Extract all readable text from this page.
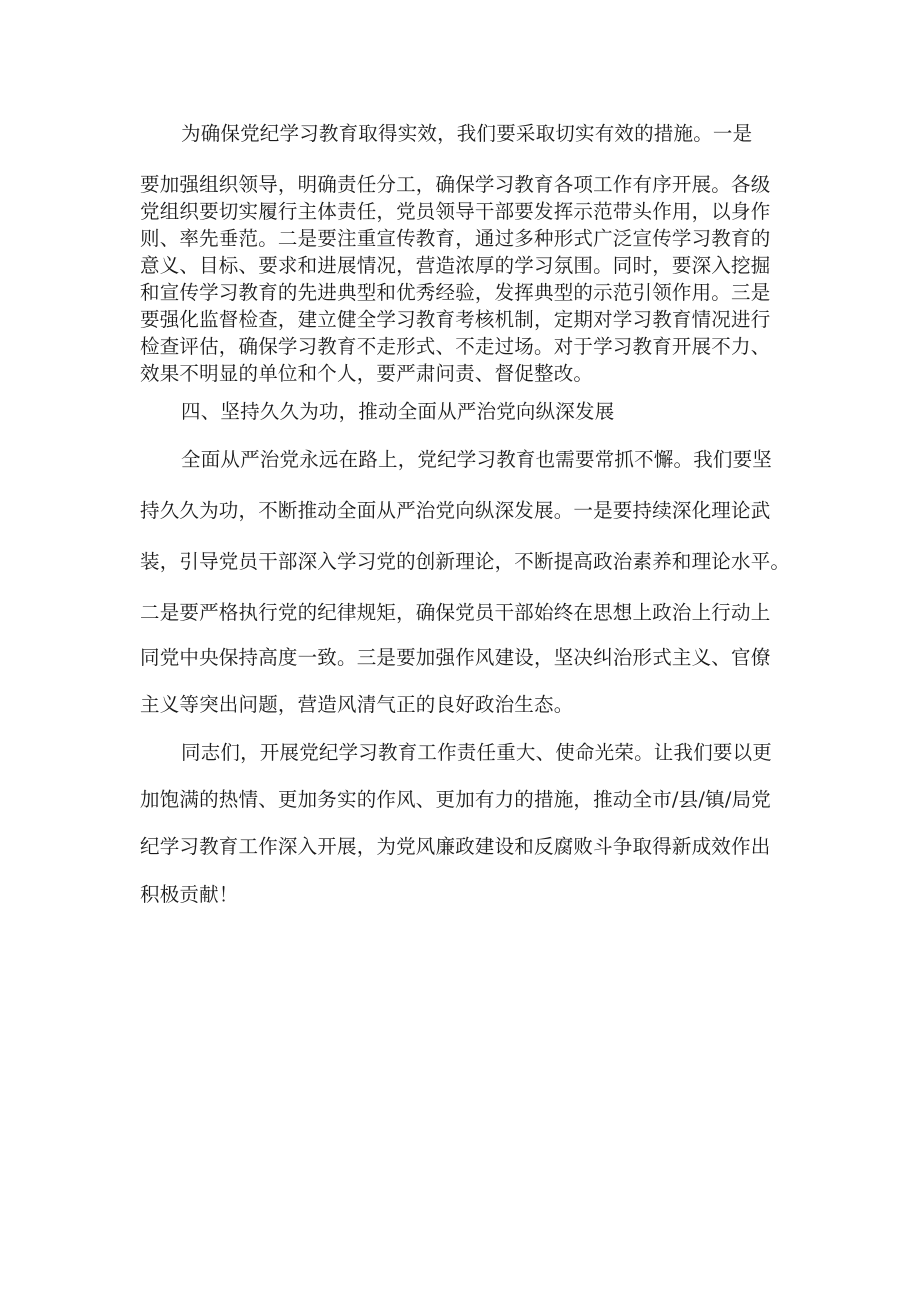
为确保党纪学习教育取得实效，我们要采取切实有效的措施。一是
要加强组织领导，明确责任分工，确保学习教育各项工作有序开展。各级
党组织要切实履行主体责任，党员领导干部要发挥示范带头作用，以身作
则、率先垂范。二是要注重宣传教育，通过多种形式广泛宣传学习教育的
意义、目标、要求和进展情况，营造浓厚的学习氛围。同时，要深入挖掘
和宣传学习教育的先进典型和优秀经验，发挥典型的示范引领作用。三是
要强化监督检查，建立健全学习教育考核机制，定期对学习教育情况进行
检查评估，确保学习教育不走形式、不走过场。对于学习教育开展不力、
效果不明显的单位和个人，要严肃问责、督促整改。
四、坚持久久为功，推动全面从严治党向纵深发展
全面从严治党永远在路上，党纪学习教育也需要常抓不懈。我们要坚
持久久为功，不断推动全面从严治党向纵深发展。一是要持续深化理论武
装，引导党员干部深入学习党的创新理论，不断提高政治素养和理论水平。
二是要严格执行党的纪律规矩，确保党员干部始终在思想上政治上行动上
同党中央保持高度一致。三是要加强作风建设，坚决纠治形式主义、官僚
主义等突出问题，营造风清气正的良好政治生态。
同志们，开展党纪学习教育工作责任重大、使命光荣。让我们要以更
加饱满的热情、更加务实的作风、更加有力的措施，推动全市/县/镇/局党
纪学习教育工作深入开展，为党风廉政建设和反腐败斗争取得新成效作出
积极贡献！
